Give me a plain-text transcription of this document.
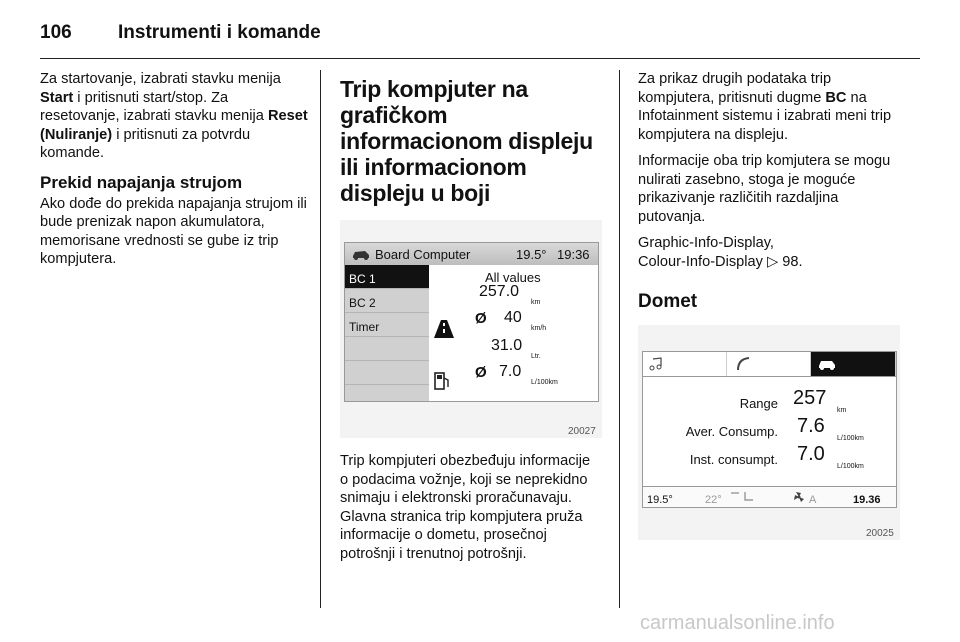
106 Instrumenti i komande

Za startovanje, izabrati stavku menija Start i pritisnuti start/stop. Za resetovanje, izabrati stavku menija Reset (Nuliranje) i pritisnuti za potvrdu komande.

Prekid napajanja strujom

Ako dođe do prekida napajanja strujom ili bude prenizak napon akumulatora, memorisane vrednosti se gube iz trip kompjutera.

Trip kompjuter na grafičkom informacionom displeju ili informacionom displeju u boji
Board Computer	19.5° 19:36
BC 1
BC 2
Timer
All values
257.0
km
Ø 40
km/h
31.0
Ltr.
Ø 7.0
L/100km
20027

Trip kompjuteri obezbeđuju informacije o podacima vožnje, koji se neprekidno snimaju i elektronski proračunavaju. Glavna stranica trip kompjutera pruža informacije o dometu, prosečnoj potrošnji i trenutnoj potrošnji.

Za prikaz drugih podataka trip kompjutera, pritisnuti dugme BC na Infotainment sistemu i izabrati meni trip kompjutera na displeju.

Informacije oba trip komjutera se mogu nulirati zasebno, stoga je moguće prikazivanje različitih razdaljina putovanja.

Graphic-Info-Display,
Colour-Info-Display ▷ 98.

Domet
Range 257
km
Aver. Consump. 7.6
L/100km
Inst. consumpt. 7.0
L/100km
19.5°	22°	A	19.36
20025
carmanualsonline.info
